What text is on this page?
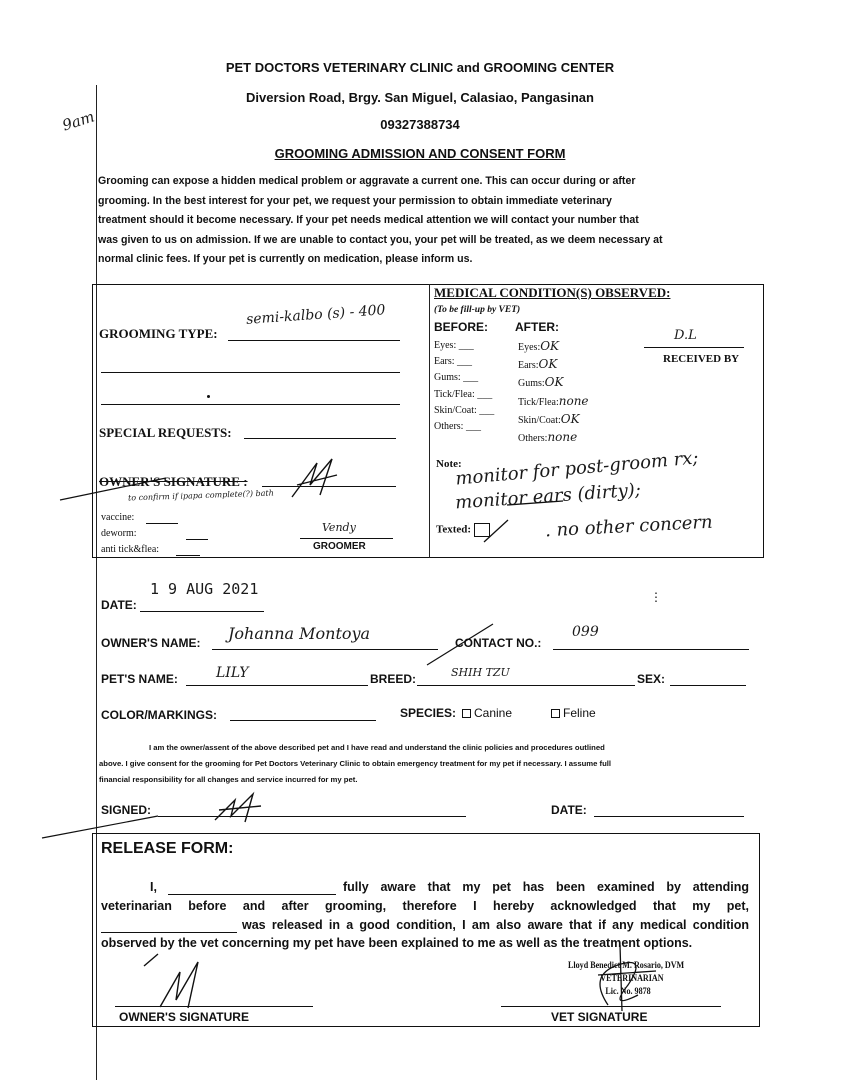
9am
PET DOCTORS VETERINARY CLINIC and GROOMING CENTER
Diversion Road, Brgy. San Miguel, Calasiao, Pangasinan
09327388734
GROOMING ADMISSION AND CONSENT FORM
Grooming can expose a hidden medical problem or aggravate a current one. This can occur during or after
grooming. In the best interest for your pet, we request your permission to obtain immediate veterinary
treatment should it become necessary. If your pet needs medical attention we will contact your number that
was given to us on admission. If we are unable to contact you, your pet will be treated, as we deem necessary at
normal clinic fees. If your pet is currently on medication, please inform us.
GROOMING TYPE:
semi-kalbo (s) - 400
SPECIAL REQUESTS:
OWNER'S SIGNATURE :
to confirm if ipapa complete(?) bath
vaccine:
deworm:
anti tick&flea:
Vendy
GROOMER
MEDICAL CONDITION(S) OBSERVED:
(To be fill-up by VET)
BEFORE: AFTER:
Eyes: ___
Ears: ___
Gums: ___
Tick/Flea: ___
Skin/Coat: ___
Others: ___
Eyes:OK
Ears:OK
Gums:OK
Tick/Flea:none
Skin/Coat:OK
Others:none
D.L
RECEIVED BY
Note:
monitor for post-groom rx;
monitor ears (dirty);
Texted:	. no other concern
1 9 AUG 2021
DATE:
⋮
OWNER'S NAME: Johanna Montoya	CONTACT NO.:
099
PET'S NAME:	LILY	BREED:	SHIH TZU	SEX:
COLOR/MARKINGS:	SPECIES:	Canine	Feline
I am the owner/assent of the above described pet and I have read and understand the clinic policies and procedures outlined
above. I give consent for the grooming for Pet Doctors Veterinary Clinic to obtain emergency treatment for my pet if necessary. I assume full
financial responsibility for all changes and service incurred for my pet.
SIGNED:	DATE:
RELEASE FORM:
I,	fully aware that my pet has been examined by attending
veterinarian before and after grooming, therefore I hereby acknowledged that my pet,
was released in a good condition, I am also aware that if any medical condition
observed by the vet concerning my pet have been explained to me as well as the treatment options.
Lloyd Benedict M. Rosario, DVM
VETERINARIAN
Lic. No. 9878
OWNER'S SIGNATURE	VET SIGNATURE
